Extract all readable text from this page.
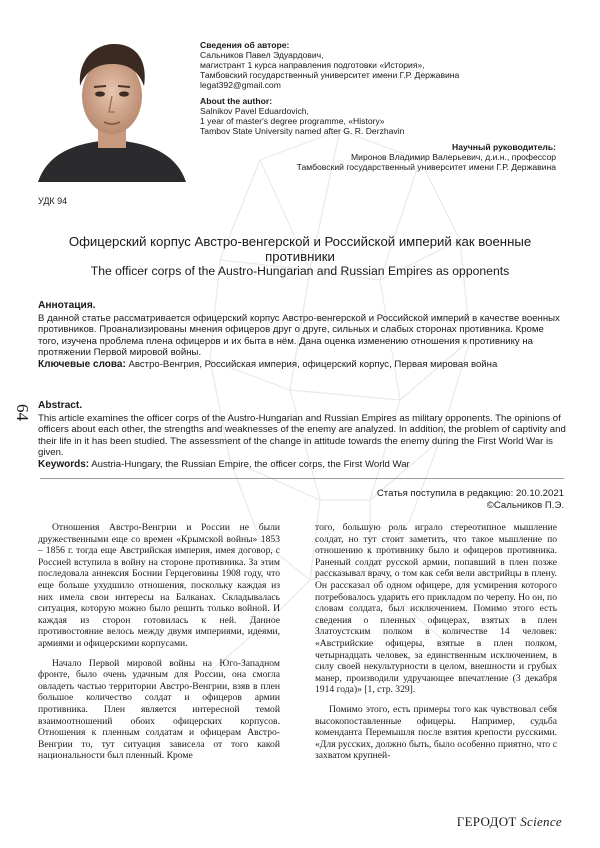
Сведения об авторе:
Сальников Павел Эдуардович,
магистрант 1 курса направления подготовки «История»,
Тамбовский государственный университет имени Г.Р. Державина
legat392@gmail.com
About the author:
Salnikov Pavel Eduardovich,
1 year of master's degree programme, «History»
Tambov State University named after G. R. Derzhavin
Научный руководитель:
Миронов Владимир Валерьевич, д.и.н., профессор
Тамбовский государственный университет имени Г.Р. Державина
УДК 94
Офицерский корпус Австро-венгерской и Российской империй как военные противники
The officer corps of the Austro-Hungarian and Russian Empires as opponents
Аннотация.
В данной статье рассматривается офицерский корпус Австро-венгерской и Российской империй в качестве военных противников. Проанализированы мнения офицеров друг о друге, сильных и слабых сторонах противника. Кроме того, изучена проблема плена офицеров и их быта в нём. Дана оценка изменению отношения к противнику на протяжении Первой мировой войны.
Ключевые слова: Австро-Венгрия, Российская империя, офицерский корпус, Первая мировая война
64 Abstract.
This article examines the officer corps of the Austro-Hungarian and Russian Empires as military opponents. The opinions of officers about each other, the strengths and weaknesses of the enemy are analyzed. In addition, the problem of captivity and their life in it has been studied. The assessment of the change in attitude towards the enemy during the First World War is given.
Keywords: Austria-Hungary, the Russian Empire, the officer corps, the First World War
Статья поступила в редакцию: 20.10.2021
©Сальников П.Э.

Отношения Австро-Венгрии и России не были дружественными еще со времен «Крымской войны» 1853 – 1856 г. тогда еще Австрийская империя, имея договор, с Россией вступила в войну на стороне противника. За этим последовала аннексия Боснии Герцеговины 1908 году, что еще больше ухудшило отношения, поскольку каждая из них имела свои интересы на Балканах. Складывалась ситуация, которую можно было решить только войной. И каждая из сторон готовилась к ней. Данное противостояние велось между двумя империями, идеями, армиями и офицерскими корпусами.

Начало Первой мировой войны на Юго-Западном фронте, было очень удачным для России, она смогла овладеть частью территории Австро-Венгрии, взяв в плен большое количество солдат и офицеров армии противника. Плен является интересной темой взаимоотношений обоих офицерских корпусов. Отношения к пленным солдатам и офицерам Австро-Венгрии то, тут ситуация зависела от того какой национальности был пленный. Кроме

того, большую роль играло стереотипное мышление солдат, но тут стоит заметить, что такое мышление по отношению к противнику было и офицеров противника. Раненый солдат русской армии, попавший в плен позже рассказывал врачу, о том как себя вели австрийцы в плену. Он рассказал об одном офицере, для усмирения которого потребовалось ударить его прикладом по черепу. Но он, по словам солдата, был исключением. Помимо этого есть сведения о пленных офицерах, взятых в плен Златоустским полком в количестве 14 человек: «Австрийские офицеры, взятые в плен полком, четырнадцать человек, за единственным исключением, в силу своей некультурности в целом, внешности и грубых манер, производили удручающее впечатление (3 декабря 1914 года)» [1, стр. 329].

Помимо этого, есть примеры того как чувствовал себя высокопоставленные офицеры. Например, судьба коменданта Перемышля после взятия крепости русскими. «Для русских, должно быть, было особенно приятно, что с захватом крупней-

ГЕРОДОТ Science
